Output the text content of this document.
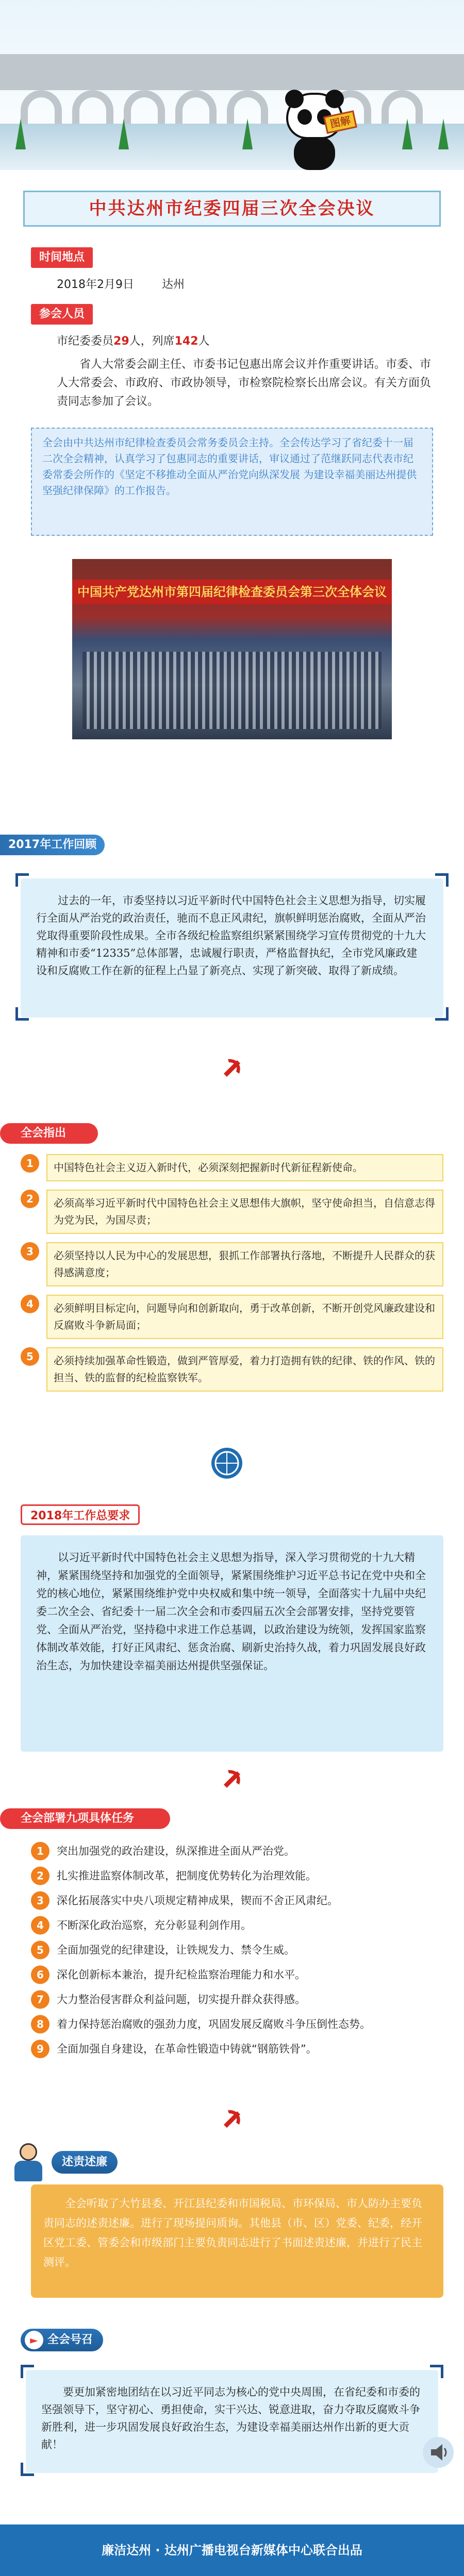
图解
中共达州市纪委四届三次全会决议
时间地点
2018年2月9日 达州
参会人员
市纪委委员29人，列席142人
省人大常委会副主任、市委书记包惠出席会议并作重要讲话。市委、市人大常委会、市政府、市政协领导，市检察院检察长出席会议。有关方面负责同志参加了会议。
全会由中共达州市纪律检查委员会常务委员会主持。全会传达学习了省纪委十一届二次全会精神，认真学习了包惠同志的重要讲话，审议通过了范继跃同志代表市纪委常委会所作的《坚定不移推动全面从严治党向纵深发展 为建设幸福美丽达州提供坚强纪律保障》的工作报告。
中国共产党达州市第四届纪律检查委员会第三次全体会议
2017年工作回顾
过去的一年，市委坚持以习近平新时代中国特色社会主义思想为指导，切实履行全面从严治党的政治责任，驰而不息正风肃纪，旗帜鲜明惩治腐败，全面从严治党取得重要阶段性成果。全市各级纪检监察组织紧紧围绕学习宣传贯彻党的十九大精神和市委“12335”总体部署，忠诚履行职责，严格监督执纪，全市党风廉政建设和反腐败工作在新的征程上凸显了新亮点、实现了新突破、取得了新成绩。
全会指出
1	中国特色社会主义迈入新时代，必须深刻把握新时代新征程新使命。
2	必须高举习近平新时代中国特色社会主义思想伟大旗帜，坚守使命担当，自信意志得为党为民，为国尽责；
3	必须坚持以人民为中心的发展思想，狠抓工作部署执行落地，不断提升人民群众的获得感满意度；
4	必须鲜明目标定向，问题导向和创新取向，勇于改革创新，不断开创党风廉政建设和反腐败斗争新局面；
5	必须持续加强革命性锻造，做到严管厚爱，着力打造拥有铁的纪律、铁的作风、铁的担当、铁的监督的纪检监察铁军。
2018年工作总要求
以习近平新时代中国特色社会主义思想为指导，深入学习贯彻党的十九大精神，紧紧围绕坚持和加强党的全面领导，紧紧围绕维护习近平总书记在党中央和全党的核心地位，紧紧围绕维护党中央权威和集中统一领导，全面落实十九届中央纪委二次全会、省纪委十一届二次全会和市委四届五次全会部署安排，坚持党要管党、全面从严治党，坚持稳中求进工作总基调，以政治建设为统领，发挥国家监察体制改革效能，打好正风肃纪、惩贪治腐、刷新史治持久战，着力巩固发展良好政治生态，为加快建设幸福美丽达州提供坚强保证。
全会部署九项具体任务
1	突出加强党的政治建设，纵深推进全面从严治党。
2	扎实推进监察体制改革，把制度优势转化为治理效能。
3	深化拓展落实中央八项规定精神成果，锲而不舍正风肃纪。
4	不断深化政治巡察，充分彰显利剑作用。
5	全面加强党的纪律建设，让铁规发力、禁令生威。
6	深化创新标本兼治，提升纪检监察治理能力和水平。
7	大力整治侵害群众利益问题，切实提升群众获得感。
8	着力保持惩治腐败的强劲力度，巩固发展反腐败斗争压倒性态势。
9	全面加强自身建设，在革命性锻造中铸就“钢筋铁骨”。
述责述廉
全会听取了大竹县委、开江县纪委和市国税局、市环保局、市人防办主要负责同志的述责述廉。进行了现场提问质询。其他县（市、区）党委、纪委，经开区党工委、管委会和市级部门主要负责同志进行了书面述责述廉，并进行了民主测评。
► 全会号召
要更加紧密地团结在以习近平同志为核心的党中央周围，在省纪委和市委的坚强领导下，坚守初心、勇担使命，实干兴达、锐意进取，奋力夺取反腐败斗争新胜利，进一步巩固发展良好政治生态，为建设幸福美丽达州作出新的更大贡献！
廉洁达州 · 达州广播电视台新媒体中心联合出品
